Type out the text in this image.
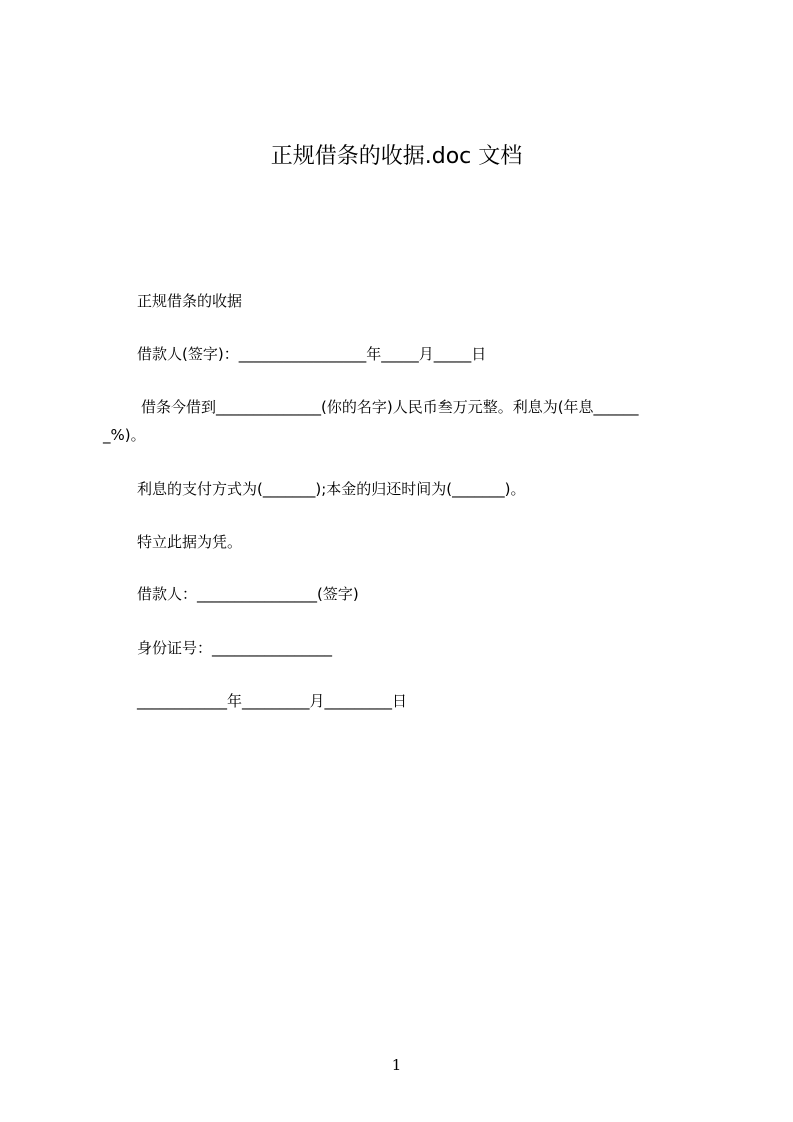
正规借条的收据.doc 文档
正规借条的收据
借款人(签字)：_________________年_____月_____日
借条今借到______________(你的名字)人民币叁万元整。利息为(年息______
_%)。
利息的支付方式为(_______);本金的归还时间为(_______)。
特立此据为凭。
借款人：________________(签字)
身份证号：________________
____________年_________月_________日
1
